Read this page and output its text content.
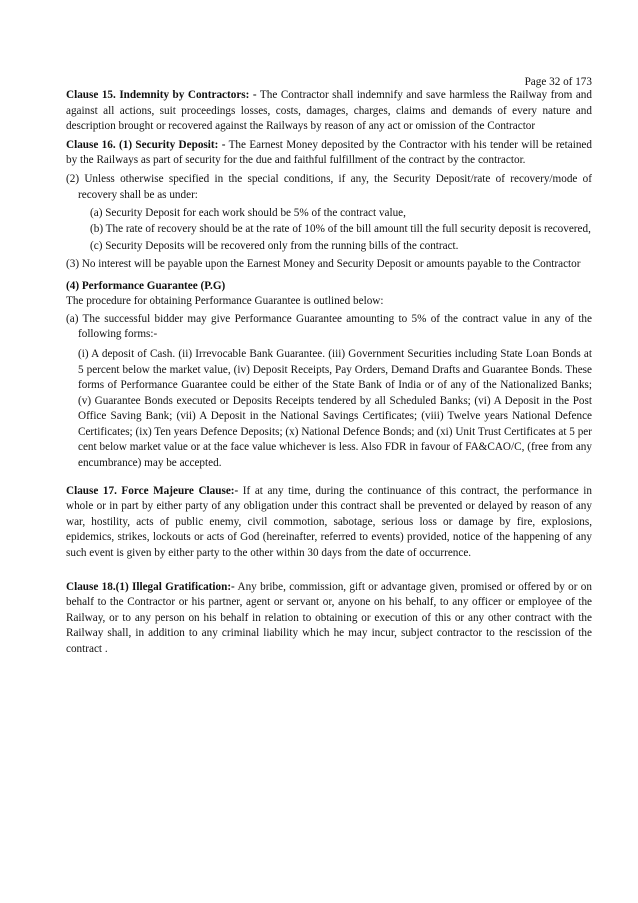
Page 32 of 173

Clause 15. Indemnity by Contractors: - The Contractor shall indemnify and save harmless the Railway from and against all actions, suit proceedings losses, costs, damages, charges, claims and demands of every nature and description brought or recovered against the Railways by reason of any act or omission of the Contractor

Clause 16. (1) Security Deposit: - The Earnest Money deposited by the Contractor with his tender will be retained by the Railways as part of security for the due and faithful fulfillment of the contract by the contractor.

(2) Unless otherwise specified in the special conditions, if any, the Security Deposit/rate of recovery/mode of recovery shall be as under:

(a) Security Deposit for each work should be 5% of the contract value,

(b) The rate of recovery should be at the rate of 10% of the bill amount till the full security deposit is recovered,

(c) Security Deposits will be recovered only from the running bills of the contract.

(3) No interest will be payable upon the Earnest Money and Security Deposit or amounts payable to the Contractor

(4) Performance Guarantee (P.G)

The procedure for obtaining Performance Guarantee is outlined below:

(a) The successful bidder may give Performance Guarantee amounting to 5% of the contract value in any of the following forms:-

(i) A deposit of Cash. (ii) Irrevocable Bank Guarantee. (iii) Government Securities including State Loan Bonds at 5 percent below the market value, (iv) Deposit Receipts, Pay Orders, Demand Drafts and Guarantee Bonds. These forms of Performance Guarantee could be either of the State Bank of India or of any of the Nationalized Banks; (v) Guarantee Bonds executed or Deposits Receipts tendered by all Scheduled Banks; (vi) A Deposit in the Post Office Saving Bank; (vii) A Deposit in the National Savings Certificates; (viii) Twelve years National Defence Certificates; (ix) Ten years Defence Deposits; (x) National Defence Bonds; and (xi) Unit Trust Certificates at 5 per cent below market value or at the face value whichever is less. Also FDR in favour of FA&CAO/C, (free from any encumbrance) may be accepted.

Clause 17. Force Majeure Clause:- If at any time, during the continuance of this contract, the performance in whole or in part by either party of any obligation under this contract shall be prevented or delayed by reason of any war, hostility, acts of public enemy, civil commotion, sabotage, serious loss or damage by fire, explosions, epidemics, strikes, lockouts or acts of God (hereinafter, referred to events) provided, notice of the happening of any such event is given by either party to the other within 30 days from the date of occurrence.

Clause 18.(1) Illegal Gratification:- Any bribe, commission, gift or advantage given, promised or offered by or on behalf to the Contractor or his partner, agent or servant or, anyone on his behalf, to any officer or employee of the Railway, or to any person on his behalf in relation to obtaining or execution of this or any other contract with the Railway shall, in addition to any criminal liability which he may incur, subject contractor to the rescission of the contract .
